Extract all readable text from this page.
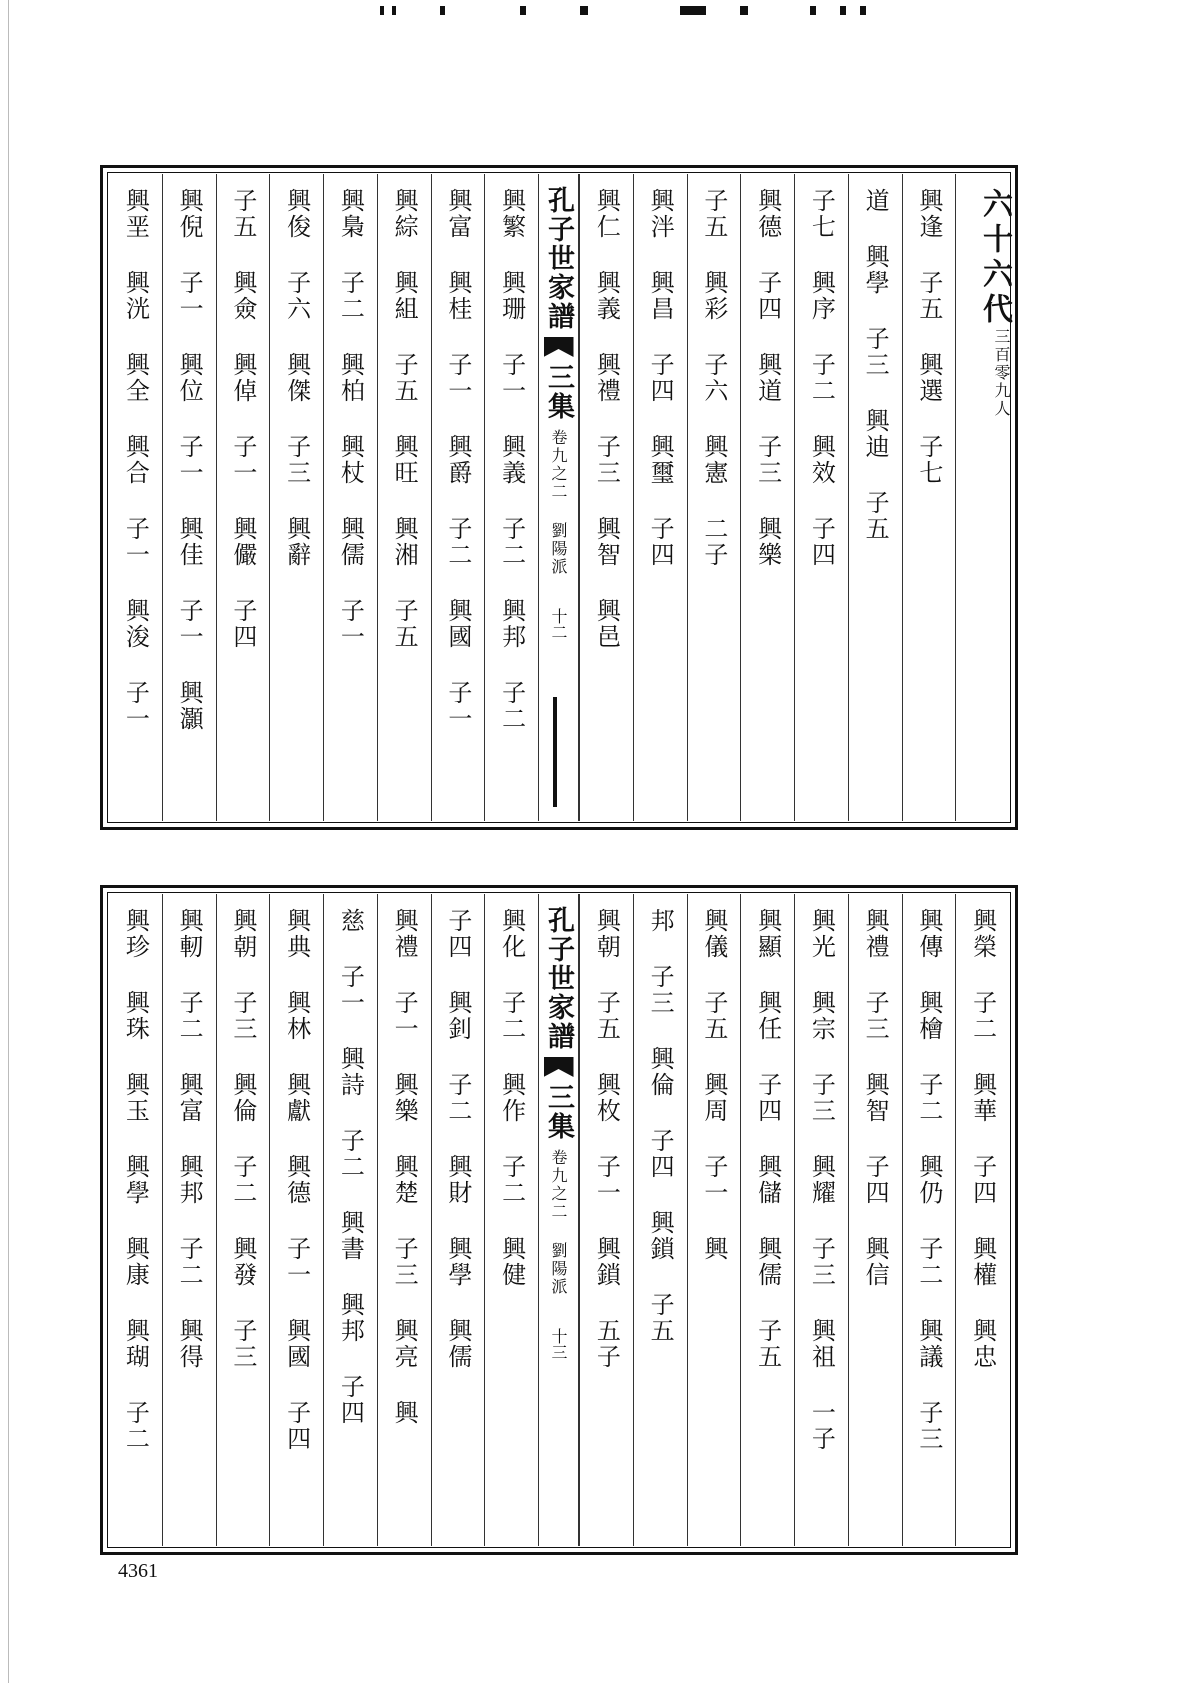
六十六代
三百零九人
興逢 子五 興選 子七
道 興學 子三 興迪 子五
子七 興序 子二 興效 子四
興德 子四 興道 子三 興樂
子五 興彩 子六 興憲 二子
興泮 興昌 子四 興璽 子四
興仁 興義 興禮 子三 興智 興邑
孔子世家譜
三集
卷九之二 劉陽派
十二
興繁 興珊 子一 興義 子二 興邦 子二
興富 興桂 子一 興爵 子二 興國 子一
興綜 興組 子五 興旺 興湘 子五
興梟 子二 興柏 興杖 興儒 子一
興俊 子六 興傑 子三 興辭
子五 興僉 興倬 子一 興儼 子四
興倪 子一 興位 子一 興佳 子一 興灝
興垩 興洸 興全 興合 子一 興浚 子一
興榮 子二 興華 子四 興權 興忠
興傳 興檜 子二 興仍 子二 興議 子三
興禮 子三 興智 子四 興信
興光 興宗 子三 興耀 子三 興祖 一子
興顯 興任 子四 興儲 興儒 子五
興儀 子五 興周 子一 興
邦 子三 興倫 子四 興鎖 子五
興朝 子五 興枚 子一 興鎖 五子
孔子世家譜
三集
卷九之二 劉陽派
十三
興化 子二 興作 子二 興健
子四 興釗 子二 興財 興學 興儒
興禮 子一 興樂 興楚 子三 興亮 興
慈 子一 興詩 子二 興書 興邦 子四
興典 興林 興獻 興德 子一 興國 子四
興朝 子三 興倫 子二 興發 子三
興軔 子二 興富 興邦 子二 興得
興珍 興珠 興玉 興學 興康 興瑚 子二
4361
